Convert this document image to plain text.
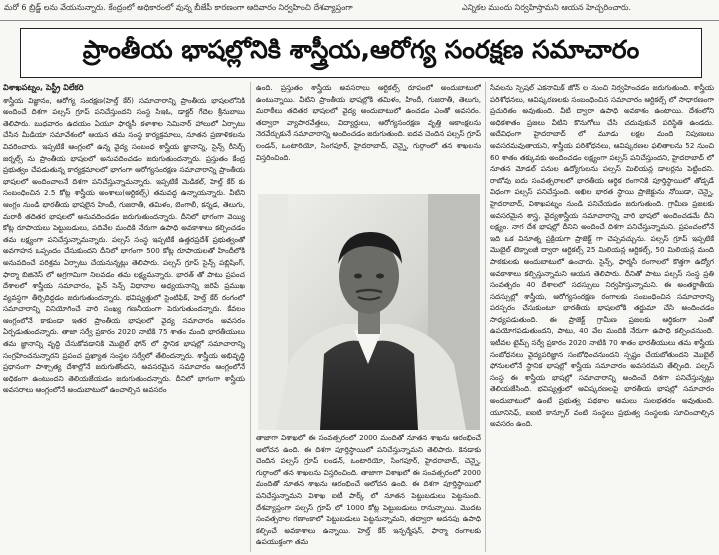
మరో 6 బ్రిడ్జ్ లను వేయనున్నారు. కేంద్రంలో అధికారంలో వున్న బీజేపీ కారణంగా ఆదివారం నిర్వహించి దేశవ్యాప్తంగా	ఎన్నికల ముందు నిర్వహిస్తామని ఆయన హెచ్చరించారు.
ప్రాంతీయ భాషల్లోనికి శాస్త్రీయ,ఆరోగ్య సంరక్షణ సమాచారం
విశాఖపట్నం, పెస్ట్రీ విలేకరి

శాస్త్రీయ విజ్ఞానం, ఆరోగ్య సంరక్షణ(హెల్త్ కేర్) సమాచారాన్ని ప్రాంతీయ భాషలలోనికి అందించే దిశగా పల్సస్ గ్రూప్ పనిచేస్తుందని సంస్థ సిఇఓ, డాక్టర్ గేదెల శ్రీనుబాబు తెలిపారు. బుధవారం ఉదయం ఏయూ ఫార్మసీ కళాశాల సెమినార్ హాలులో ఏర్పాటు చేసిన మీడియా సమావేశంలో ఆయన తమ సంస్థ కార్యక్రమాలు, నూతన ప్రణాళికలను వివరించారు. ఇప్పటికే ఆంగ్లంలో ఉన్న వైద్య సంబంధ శాస్త్రీయ జ్ఞానాన్ని, సైన్స్ రీసెర్చ్ జర్నల్స్ ను ప్రాంతీయ భాషలలో అనువదించడం జరుగుతుందన్నారు. ప్రస్తుతం కేంద్ర ప్రభుత్వం చేపడుతున్న కార్యక్రమాలలో భాగంగా ఆరోగ్యసంరక్షణ సమాచారాన్ని ప్రాంతీయ భాషలలో అందించాలనే దిశగా పనిచేస్తున్నామన్నారు. ఇప్పటికే మెడికల్, హెల్త్ కేర్ కు సంబంధించిన 2.5 కోట్ల శాస్త్రీయ అంశాలు(ఆర్టికల్స్) తమవద్ద ఉన్నాయన్నారు. వీటిని ఆంగ్లం నుండి భారతీయ భాషలైన హిందీ, గుజరాతీ, తమిళం, బెంగాలీ, కన్నడ, తెలుగు, మరాఠీ తదితర భాషలలో అనువదించడం జరుగుతుందన్నారు. దీనిలో భాగంగా వెయ్యి కోట్ల రూపాయలు పెట్టుబడులు, పదివేల మందికి నేరుగా ఉపాధి అవకాశాలు కల్పించడం తమ లక్ష్యంగా పనిచేస్తున్నామన్నారు. పల్సస్ సంస్థ ఇప్పటికే ఉత్తరప్రదేశ్ ప్రభుత్వంతో అవగాహన ఒప్పందం చేసుకుందని దీనిలో భాగంగా 500 కోట్ల రూపాయలతో హిందీలోకి అనువదించే పరిశ్రమ ఏర్పాటు చేయనున్నట్లు తెలిపారు. పల్సస్ గ్రూప్ సైన్స్ పబ్లిషింగ్, ఫార్మా బిజినెస్ లో అగ్రగామిగా నిలవడం తమ లక్ష్యమన్నారు. భారత్ తో పాటు ప్రపంచ దేశాలలో శాస్త్రీయ సమాచారం, ఫైన్ సెన్స్ విధానాల అధ్యయనాన్ని జరిపే ప్రముఖ వ్యవస్థగా తీర్చిదిద్దడం జరుగుతుందన్నారు. భవిష్యత్తులో సైంటిఫిక్, హెల్త్ కేర్ రంగంలో సమాచారాన్ని వినియోగించే వారి సంఖ్య గణనీయంగా పెరుగుతుందన్నారు. కేవలం ఆంగ్లంలోనే కాకుండా ఇతర ప్రాంతీయ భాషలలో వైద్య సమాచారం అవసరం ఏర్పడుతుందన్నారు. తాజా సర్వే ప్రకారం 2020 నాటికి 75 శాతం మంది భారతీయులు తమ జ్ఞానాన్ని వృద్ధి చేసుకోవడానికి మొబైల్ ఫోన్ లో స్థానిక భాషల్లో సమాచారాన్ని సంగ్రహించనున్నారని ప్రపంచ ప్రఖ్యాత సంస్థల సర్వేలో తేలిందన్నారు. శాస్త్రీయ అభివృద్ధి ప్రధానంగా పాశ్చాత్య దేశాల్లోనే జరుగుతోందని, అవసరమైన సమాచారం ఆంగ్లంలోనే అధికంగా ఉంటుందని తెలియజేయడం జరుగుతుందన్నారు. దీనిలో భాగంగా శాస్త్రీయ అవసరాలు ఆంగ్లంలోనే అందుబాటులో ఉంచాల్సిన అవసరం

ఉంది. ప్రస్తుతం శాస్త్రీయ అవసరాలు ఆర్టికల్స్ రూపంలో అందుబాటులో ఉంటున్నాయి. వీటిని ప్రాంతీయ భాషల్లోకి తమిళం, హిందీ, గుజరాతీ, తెలుగు, మరాఠీలు తదితర భాషలలో వైద్య అందుబాటులో ఉంచడం ఎంతో అవసరం. తద్వారా వ్యాపారవేత్తలు, విద్యార్థులు, ఆరోగ్యసంరక్షణ వృత్తి ఆకాంక్షలను నెరవేర్చుకునే సమాచారాన్ని అందించడం జరుగుతుంది. ఐదవ చెందిన పల్సస్ గ్రూప్ లండన్, ఒంటారియో, సింగపూర్, హైదరాబాద్, చెన్నై, గుర్గాంలో తన శాఖలను విస్తరించింది.

తాజాగా విశాఖలో ఈ సంవత్సరంలో 2000 మందితో నూతన శాఖను ఆరంభించే ఆలోచన ఉంది. ఈ దిశగా పూర్తిస్థాయిలో పనిచేస్తున్నామని తెలిపారు. కెనడాకు చెందిన పల్సస్ గ్రూప్ లండన్, ఒంటారియో, సింగపూర్, హైదరాబాద్, చెన్నై, గుర్గాంలో తన శాఖలను విస్తరించింది. తాజాగా విశాఖలో ఈ సంవత్సరంలో 2000 మందితో నూతన శాఖను ఆరంభించే ఆలోచన ఉంది. ఈ దిశగా పూర్తిస్థాయిలో పనిచేస్తున్నామని విశాఖ ఐటీ పార్క్ లో నూతన పెట్టుబడులు పెట్టనుంది. దేశవ్యాప్తంగా పల్సస్ గ్రూప్ లో 1000 కోట్ల పెట్టుబడులు రానున్నాయి. మొదట సంవత్సరాల గణాంకాలో పెట్టుబడులు పెట్టనున్నామని, తద్వారా అదనపు ఉపాధి కల్పించే అవకాశాలు ఉన్నాయి. హెల్త్ కేర్ ఇన్ఫర్మేషన్, ఫార్మా రంగాలకు ఉపయుక్తంగా తమ

సేవలను స్పెషల్ ఎకనామిక్ జోన్ ల నుంచి నిర్వహించడం జరుగుతుంది. శాస్త్రీయ పరిశోధనలు, ఆవిష్కరణలకు సంబంధించిన సమాచారం ఆర్టికల్స్ లో సాధారణంగా ప్రచురితం అవుతుంది. వీటి ద్వారా ఉపాధి అవకాశం ఉంటాయి. దేశంలోని అధికశాతం ప్రజలు వీటిని కొనుగోలు చేసి చదువుకునే పరిస్థితి ఉండదు. అదేవిధంగా హైదరాబాద్ లో మూడు లక్షల మంది నిపుణులు అవసరమవుతాయని, శాస్త్రీయ పరిశోధనలు, ఆవిష్కరణల ఫలితాలను 52 నుంచి 60 శాతం తక్కువకు అందించడం లక్ష్యంగా పల్సస్ పనిచేస్తుందని, హైదరాబాద్ లో నూతన మోడల్ పనుల ఉద్యోగులను పల్సస్ మిలియన్ల డాలర్లను పెట్టిందని. రాబోవు ఐదు సంవత్సరాలలో భారతీయ ఆర్థిక రంగానికి పూర్తిస్థాయిలో తోడ్పడే విధంగా పల్సస్ పనిచేస్తుంది. అఖిల భారత స్థాయి ప్రాజెక్టును నోయిడా, చెన్నై, హైదరాబాద్, విశాఖపట్నం నుండి పనిచేయడం జరుగుతుంది. గ్రామీణ ప్రజలకు అవసరమైన శాస్త్ర, వైద్యశాస్త్రీయ సమాచారాన్ని వారి భాషలో అందించడమే దీని లక్ష్యం. నాగ దేశ భాషల్లో దీనిని అందించే దిశగా పనిచేస్తున్నామని. ప్రపంచంలోనే ఇది ఒక వినూత్న ప్రక్రియగా ప్రాజెక్ట్ గా చెప్పవచ్చును. పల్సస్ గ్రూప్ ఇప్పటికే మొబైల్ టెక్నాలజీ ద్వారా ఆర్టికల్స్ 25 మిలియన్ల ఆర్టికల్స్, 50 మిలియన్ల మంది పాఠకులకు అందుబాటులో ఉంచారు. సైన్స్, ఫార్మసీ రంగాలలో కొత్తగా ఉద్యోగ అవకాశాలు కల్పిస్తున్నామని ఆయన తెలిపారు. దీనితో పాటు పల్సస్ సంస్థ ప్రతి సంవత్సరం 40 దేశాలలో సదస్సులు నిర్వహిస్తున్నామని. ఈ అంతర్జాతీయ సదస్సుల్లో శాస్త్రీయ, ఆరోగ్యసంరక్షణ రంగాలకు సంబంధించిన సమాచారాన్ని పరస్పరం చేసుకుంటూ భారతీయ భాషలలోకి తర్జుమా చేసి అందించడం సాధ్యపడుతుంది. ఈ ప్రాజెక్ట్ గ్రామీణ ప్రజలకు ఆర్థికంగా ఎంతో ఉపయోగపడుతుందని, పాటు, 40 వేల మందికి నేరుగా ఉపాధి కల్పించనుంది. ఇటీవల టైమ్స్ సర్వే ప్రకారం 2020 నాటికి 70 శాతం భారతీయులు తమ శాస్త్రీయ సంబోధనలు వైద్యపరిజ్ఞాన సంబోధించనుందని స్పష్టం చేయబోతుందని మొబైల్ ఫోనులలోనే స్థానిక భాషల్లో శాస్త్రీయ సమాచారం అవసరమని తేల్చింది. పల్సస్ సంస్థ ఈ శాస్త్రీయ భాషల్లో సమాచారాన్ని అందించే దిశగా పనిచేస్తున్నట్లు తెలియజేసింది. భవిష్యత్తులో ఆవిష్కరణలపై భారతీయ భాషల్లో సమాచారం అందుబాటులో ఉంటే ప్రభుత్వ పథకాల అమలు సులభతరం అవుతుంది. యూనిసెఫ్, ఐఐటి కాన్పూర్ వంటి సంస్థలు ప్రభుత్వ సంస్థలకు సూచించాల్సిన అవసరం ఉంది.
